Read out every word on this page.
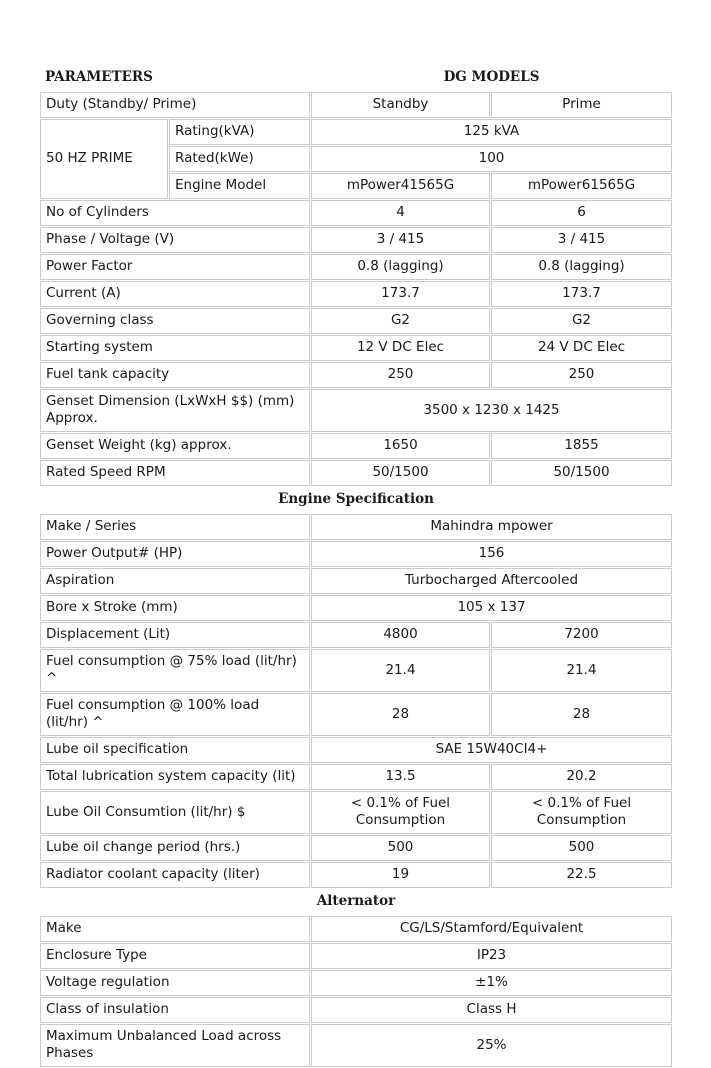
PARAMETERS		DG MODELS	
Duty (Standby/ Prime)		Standby	Prime
50 HZ PRIME	Rating(kVA)	125 kVA	
	Rated(kWe)	100	
	Engine Model	mPower41565G	mPower61565G
No of Cylinders		4	6
Phase / Voltage (V)		3 / 415	3 / 415
Power Factor		0.8 (lagging)	0.8 (lagging)
Current (A)		173.7	173.7
Governing class		G2	G2
Starting system		12 V DC Elec	24 V DC Elec
Fuel tank capacity		250	250
Genset Dimension (LxWxH $$) (mm) Approx.		3500 x 1230 x 1425	
Genset Weight (kg) approx.		1650	1855
Rated Speed RPM		50/1500	50/1500
Engine Specification			
Make / Series		Mahindra mpower	
Power Output# (HP)		156	
Aspiration		Turbocharged Aftercooled	
Bore x Stroke (mm)		105 x 137	
Displacement (Lit)		4800	7200
Fuel consumption @ 75% load (lit/hr) ^		21.4	21.4
Fuel consumption @ 100% load (lit/hr) ^		28	28
Lube oil specification		SAE 15W40CI4+	
Total lubrication system capacity (lit)		13.5	20.2
Lube Oil Consumtion (lit/hr) $		< 0.1% of Fuel Consumption	< 0.1% of Fuel Consumption
Lube oil change period (hrs.)		500	500
Radiator coolant capacity (liter)		19	22.5
Alternator			
Make		CG/LS/Stamford/Equivalent	
Enclosure Type		IP23	
Voltage regulation		±1%	
Class of insulation		Class H	
Maximum Unbalanced Load across Phases		25%	
